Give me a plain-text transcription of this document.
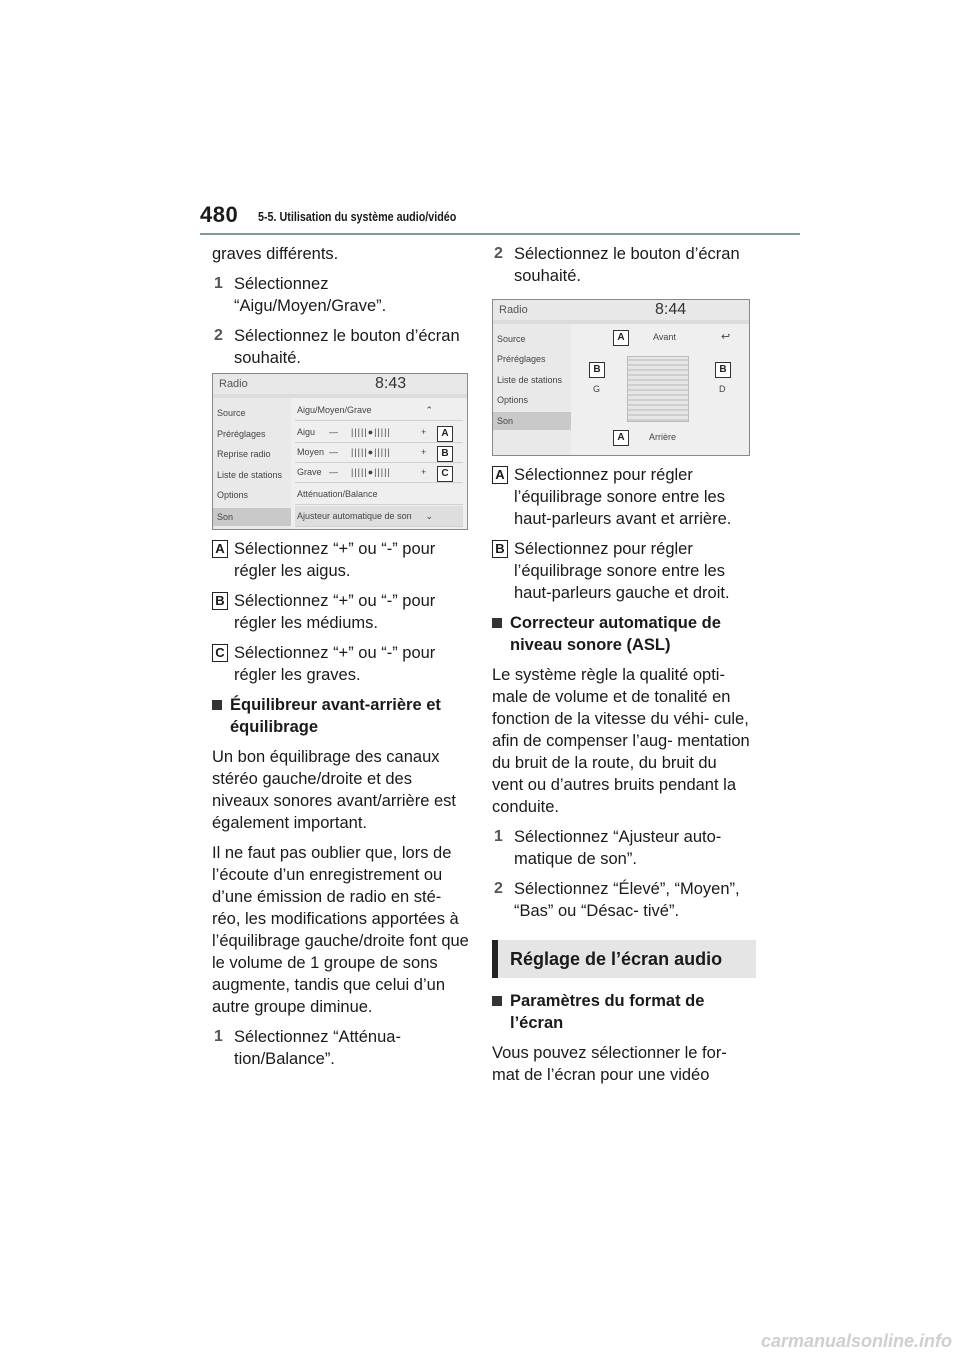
480 5-5. Utilisation du système audio/vidéo

graves différents.

1 Sélectionnez “Aigu/Moyen/Grave”.
2 Sélectionnez le bouton d’écran souhaité.
Radio	8:43
Source
Préréglages
Reprise radio
Liste de stations
Options
Son
Aigu/Moyen/Grave	⌃
Aigu — |||||●|||||	+
Moyen — |||||●|||||	+
Grave — |||||●|||||	+
Atténuation/Balance
Ajusteur automatique de son ⌄
A
B
C
A Sélectionnez “+” ou “-” pour régler les aigus.
B Sélectionnez “+” ou “-” pour régler les médiums.
C Sélectionnez “+” ou “-” pour régler les graves.
Équilibreur avant-arrière et équilibrage

Un bon équilibrage des canaux stéréo gauche/droite et des niveaux sonores avant/arrière est également important.

Il ne faut pas oublier que, lors de l’écoute d’un enregistrement ou d’une émission de radio en sté- réo, les modifications apportées à l’équilibrage gauche/droite font que le volume de 1 groupe de sons augmente, tandis que celui d’un autre groupe diminue.

1 Sélectionnez “Atténua- tion/Balance”.
2 Sélectionnez le bouton d’écran souhaité.
Radio	8:44
Source
Préréglages
Liste de stations
Options
Son
Avant
Arrière
G	D
↩
A
B	B
A
A Sélectionnez pour régler l’équilibrage sonore entre les haut-parleurs avant et arrière.
B Sélectionnez pour régler l’équilibrage sonore entre les haut-parleurs gauche et droit.
Correcteur automatique de niveau sonore (ASL)

Le système règle la qualité opti- male de volume et de tonalité en fonction de la vitesse du véhi- cule, afin de compenser l’aug- mentation du bruit de la route, du bruit du vent ou d’autres bruits pendant la conduite.

1 Sélectionnez “Ajusteur auto- matique de son”.
2 Sélectionnez “Élevé”, “Moyen”, “Bas” ou “Désac- tivé”.
Réglage de l’écran audio
Paramètres du format de l’écran

Vous pouvez sélectionner le for- mat de l’écran pour une vidéo

carmanualsonline.info
